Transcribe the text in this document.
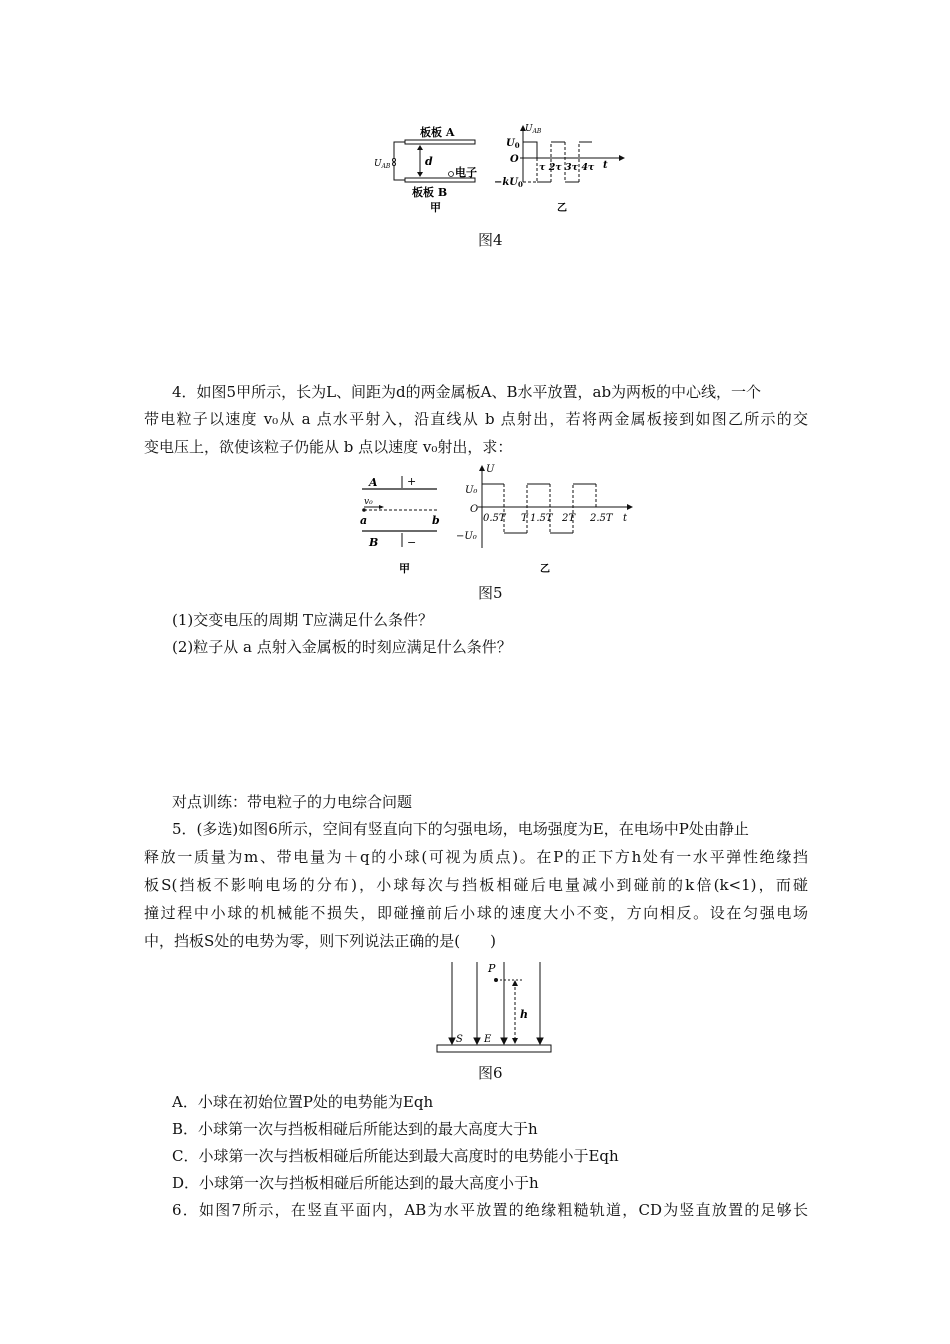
板板 A
板板 B
$U_{AB}$	d
电子
甲
$U_{AB}$
t
$U_0$
O
$-kU_0$
τ 2τ 3τ 4τ
乙
图4
4．如图5甲所示，长为L、间距为d的两金属板A、B水平放置，ab为两板的中心线，一个
带电粒子以速度 v₀从 a 点水平射入，沿直线从 b 点射出，若将两金属板接到如图乙所示的交
变电压上，欲使该粒子仍能从 b 点以速度 v₀射出，求：
A	+
v₀
a	b
B	−
甲
U
U₀
O
−U₀
0.5T T 1.5T 2T 2.5T t
乙
图5
(1)交变电压的周期 T应满足什么条件？
(2)粒子从 a 点射入金属板的时刻应满足什么条件？
对点训练：带电粒子的力电综合问题
5．(多选)如图6所示，空间有竖直向下的匀强电场，电场强度为E，在电场中P处由静止
释放一质量为m、带电量为＋q的小球(可视为质点)。在P的正下方h处有一水平弹性绝缘挡
板S(挡板不影响电场的分布)，小球每次与挡板相碰后电量减小到碰前的k倍(k<1)，而碰
撞过程中小球的机械能不损失，即碰撞前后小球的速度大小不变，方向相反。设在匀强电场
中，挡板S处的电势为零，则下列说法正确的是(　　)
P
h
S E
图6
A．小球在初始位置P处的电势能为Eqh
B．小球第一次与挡板相碰后所能达到的最大高度大于h
C．小球第一次与挡板相碰后所能达到最大高度时的电势能小于Eqh
D．小球第一次与挡板相碰后所能达到的最大高度小于h
6．如图7所示，在竖直平面内，AB为水平放置的绝缘粗糙轨道，CD为竖直放置的足够长
